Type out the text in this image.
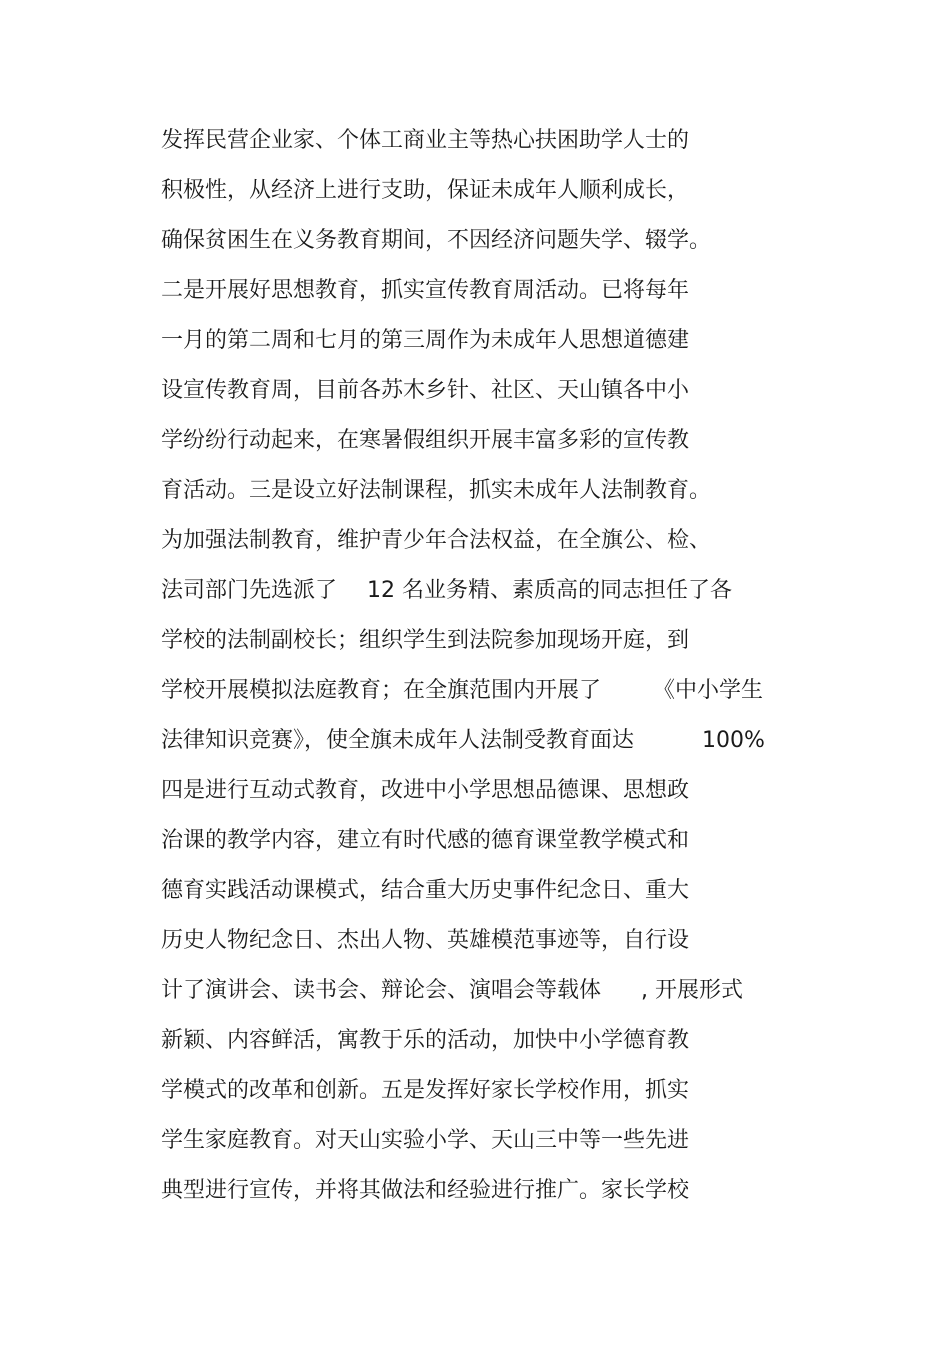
发挥民营企业家、个体工商业主等热心扶困助学人士的
积极性，从经济上进行支助，保证未成年人顺利成长，
确保贫困生在义务教育期间，不因经济问题失学、辍学。
二是开展好思想教育，抓实宣传教育周活动。已将每年
一月的第二周和七月的第三周作为未成年人思想道德建
设宣传教育周，目前各苏木乡针、社区、天山镇各中小
学纷纷行动起来，在寒暑假组织开展丰富多彩的宣传教
育活动。三是设立好法制课程，抓实未成年人法制教育。
为加强法制教育，维护青少年合法权益，在全旗公、检、
法司部门先选派了 12 名业务精、素质高的同志担任了各
学校的法制副校长；组织学生到法院参加现场开庭，到
学校开展模拟法庭教育；在全旗范围内开展了 《中小学生
法律知识竞赛》，使全旗未成年人法制受教育面达	100%
四是进行互动式教育，改进中小学思想品德课、思想政
治课的教学内容，建立有时代感的德育课堂教学模式和
德育实践活动课模式，结合重大历史事件纪念日、重大
历史人物纪念日、杰出人物、英雄模范事迹等，自行设
计了演讲会、读书会、辩论会、演唱会等载体 , 开展形式
新颖、内容鲜活，寓教于乐的活动，加快中小学德育教
学模式的改革和创新。五是发挥好家长学校作用，抓实
学生家庭教育。对天山实验小学、天山三中等一些先进
典型进行宣传，并将其做法和经验进行推广。家长学校
